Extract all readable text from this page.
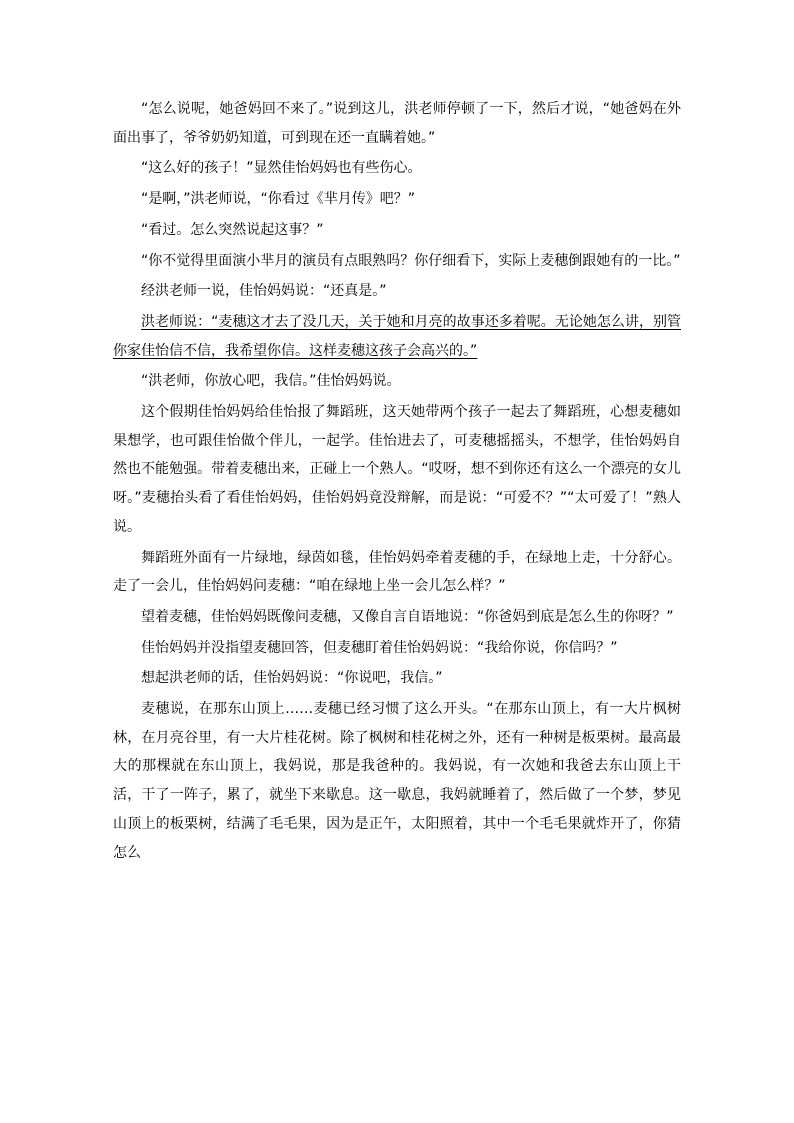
“怎么说呢，她爸妈回不来了。”说到这儿，洪老师停顿了一下，然后才说，“她爸妈在外面出事了，爷爷奶奶知道，可到现在还一直瞒着她。”

“这么好的孩子！”显然佳怡妈妈也有些伤心。

“是啊，”洪老师说，“你看过《芈月传》吧？”

“看过。怎么突然说起这事？”

“你不觉得里面演小芈月的演员有点眼熟吗？你仔细看下，实际上麦穗倒跟她有的一比。”

经洪老师一说，佳怡妈妈说：“还真是。”

洪老师说：“麦穗这才去了没几天，关于她和月亮的故事还多着呢。无论她怎么讲，别管你家佳怡信不信，我希望你信。这样麦穗这孩子会高兴的。”

“洪老师，你放心吧，我信。”佳怡妈妈说。

这个假期佳怡妈妈给佳怡报了舞蹈班，这天她带两个孩子一起去了舞蹈班，心想麦穗如果想学，也可跟佳怡做个伴儿，一起学。佳怡进去了，可麦穗摇摇头，不想学，佳怡妈妈自然也不能勉强。带着麦穗出来，正碰上一个熟人。“哎呀，想不到你还有这么一个漂亮的女儿呀。”麦穗抬头看了看佳怡妈妈，佳怡妈妈竟没辩解，而是说：“可爱不？”“太可爱了！”熟人说。

舞蹈班外面有一片绿地，绿茵如毯，佳怡妈妈牵着麦穗的手，在绿地上走，十分舒心。走了一会儿，佳怡妈妈问麦穗：“咱在绿地上坐一会儿怎么样？”

望着麦穗，佳怡妈妈既像问麦穗，又像自言自语地说：“你爸妈到底是怎么生的你呀？”

佳怡妈妈并没指望麦穗回答，但麦穗盯着佳怡妈妈说：“我给你说，你信吗？”

想起洪老师的话，佳怡妈妈说：“你说吧，我信。”

麦穗说，在那东山顶上……麦穗已经习惯了这么开头。“在那东山顶上，有一大片枫树林，在月亮谷里，有一大片桂花树。除了枫树和桂花树之外，还有一种树是板栗树。最高最大的那棵就在东山顶上，我妈说，那是我爸种的。我妈说，有一次她和我爸去东山顶上干活，干了一阵子，累了，就坐下来歇息。这一歇息，我妈就睡着了，然后做了一个梦，梦见山顶上的板栗树，结满了毛毛果，因为是正午，太阳照着，其中一个毛毛果就炸开了，你猜怎么
